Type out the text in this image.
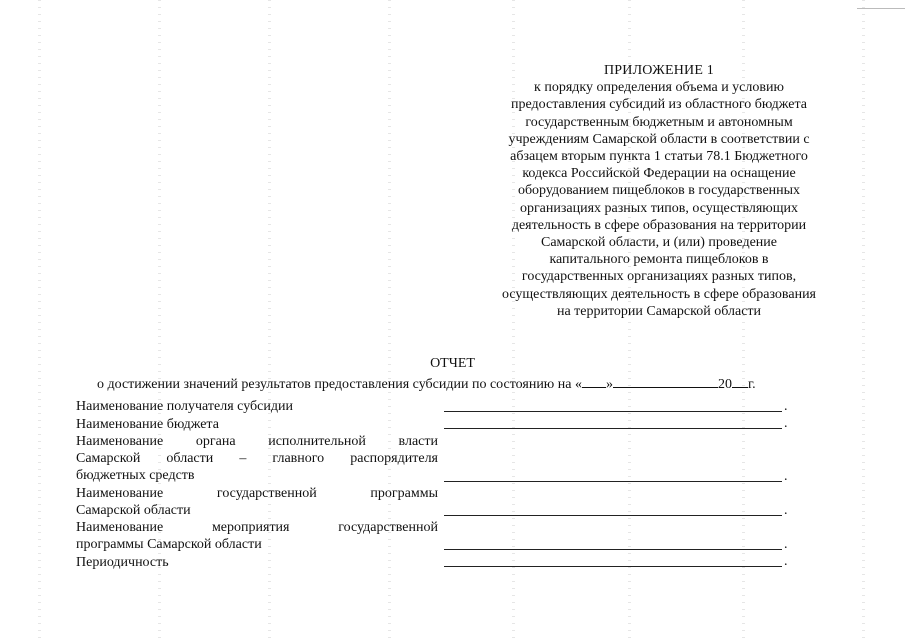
ПРИЛОЖЕНИЕ 1
к порядку определения объема и условию
предоставления субсидий из областного бюджета
государственным бюджетным и автономным
учреждениям Самарской области в соответствии с
абзацем вторым пункта 1 статьи 78.1 Бюджетного
кодекса Российской Федерации на оснащение
оборудованием пищеблоков в государственных
организациях разных типов, осуществляющих
деятельность в сфере образования на территории
Самарской области, и (или) проведение
капитального ремонта пищеблоков в
государственных организациях разных типов,
осуществляющих деятельность в сфере образования
на территории Самарской области
ОТЧЕТ
о достижении значений результатов предоставления субсидии по состоянию на « »	20 г.
Наименование получателя субсидии	.
Наименование бюджета	.
Наименование органа исполнительной власти
Самарской области – главного распорядителя
бюджетных средств	.
Наименование государственной программы
Самарской области	.
Наименование мероприятия государственной
программы Самарской области	.
Периодичность	.
